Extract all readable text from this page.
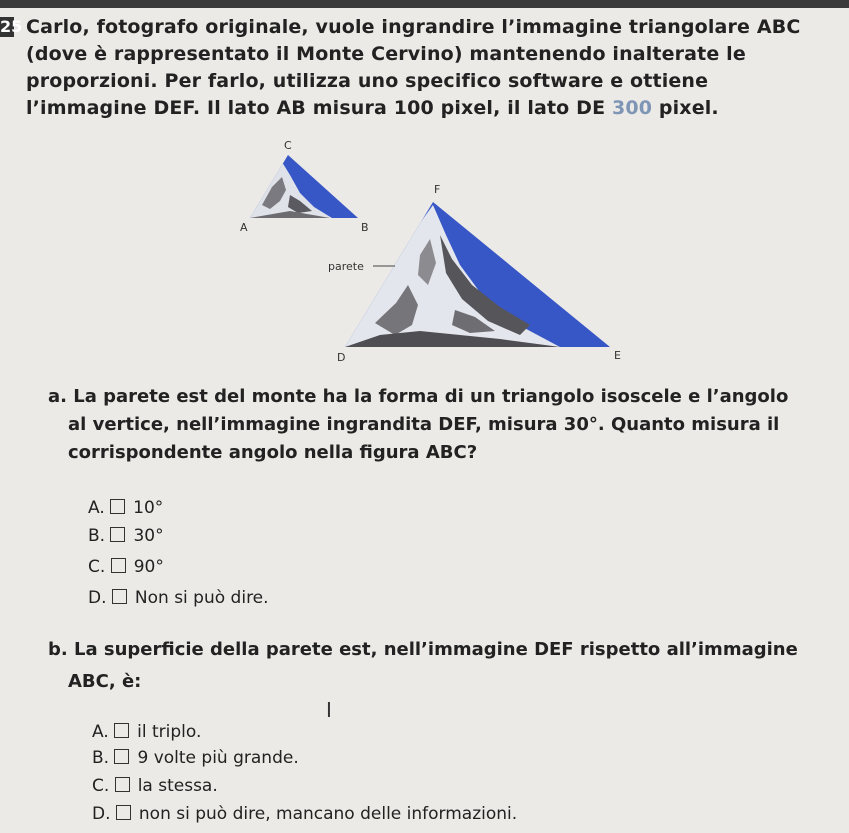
25 Carlo, fotografo originale, vuole ingrandire l’immagine triangolare ABC (dove è rappresentato il Monte Cervino) mantenendo inalterate le proporzioni. Per farlo, utilizza uno specifico software e ottiene l’immagine DEF. Il lato AB misura 100 pixel, il lato DE 300 pixel.
C
A	B
F
parete
D	E
a. La parete est del monte ha la forma di un triangolo isoscele e l’angolo al vertice, nell’immagine ingrandita DEF, misura 30°. Quanto misura il corrispondente angolo nella figura ABC?
A. 10°
B. 30°
C. 90°
D. Non si può dire.
b. La superficie della parete est, nell’immagine DEF rispetto all’immagine ABC, è:
I
A. il triplo.
B. 9 volte più grande.
C. la stessa.
D. non si può dire, mancano delle informazioni.
